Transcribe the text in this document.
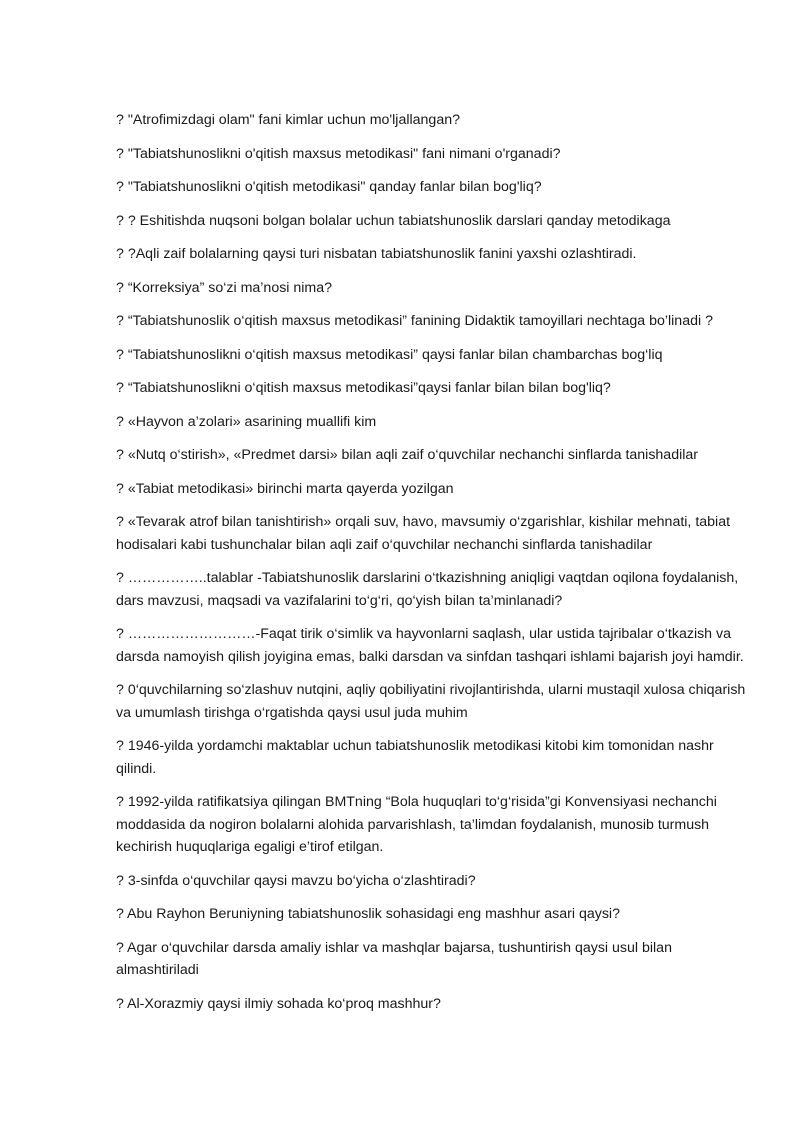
? "Atrofimizdagi olam" fani kimlar uchun mo'ljallangan?

? "Tabiatshunoslikni o'qitish maxsus metodikasi" fani nimani o'rganadi?

? "Tabiatshunoslikni o'qitish metodikasi" qanday fanlar bilan bog'liq?

? ? Eshitishda nuqsoni bolgan bolalar uchun tabiatshunoslik darslari qanday metodikaga

? ?Aqli zaif bolalarning qaysi turi nisbatan tabiatshunoslik fanini yaxshi ozlashtiradi.

? “Korreksiya” so‘zi ma’nosi nima?

? “Tabiatshunoslik o‘qitish maxsus metodikasi” fanining Didaktik tamoyillari nechtaga bo’linadi ?

? “Tabiatshunoslikni o‘qitish maxsus metodikasi” qaysi fanlar bilan chambarchas bog‘liq

? “Tabiatshunoslikni o‘qitish maxsus metodikasi”qaysi fanlar bilan bilan bog'liq?

? «Hayvon a’zolari» asarining muallifi kim

? «Nutq o‘stirish», «Predmet darsi» bilan aqli zaif o‘quvchilar nechanchi sinflarda tanishadilar

? «Tabiat metodikasi» birinchi marta qayerda yozilgan

? «Tevarak atrof bilan tanishtirish» orqali suv, havo, mavsumiy o‘zgarishlar, kishilar mehnati, tabiat hodisalari kabi tushunchalar bilan aqli zaif o‘quvchilar nechanchi sinflarda tanishadilar

? ……………..talablar -Tabiatshunoslik darslarini o‘tkazishning aniqligi vaqtdan oqilona foydalanish, dars mavzusi, maqsadi va vazifalarini to‘g‘ri, qo‘yish bilan ta’minlanadi?

? ………………………-Faqat tirik o‘simlik va hayvonlarni saqlash, ular ustida tajribalar o‘tkazish va darsda namoyish qilish joyigina emas, balki darsdan va sinfdan tashqari ishlami bajarish joyi hamdir.

? 0‘quvchilarning so‘zlashuv nutqini, aqliy qobiliyatini rivojlantirishda, ularni mustaqil xulosa chiqarish va umumlash tirishga o‘rgatishda qaysi usul juda muhim

? 1946-yilda yordamchi maktablar uchun tabiatshunoslik metodikasi kitobi kim tomonidan nashr qilindi.

? 1992-yilda ratifikatsiya qilingan BMTning “Bola huquqlari to‘g‘risida”gi Konvensiyasi nechanchi moddasida da nogiron bolalarni alohida parvarishlash, ta’limdan foydalanish, munosib turmush kechirish huquqlariga egaligi e’tirof etilgan.

? 3-sinfda o‘quvchilar qaysi mavzu bo‘yicha o‘zlashtiradi?

? Abu Rayhon Beruniyning tabiatshunoslik sohasidagi eng mashhur asari qaysi?

? Agar o‘quvchilar darsda amaliy ishlar va mashqlar bajarsa, tushuntirish qaysi usul bilan almashtiriladi

? Al-Xorazmiy qaysi ilmiy sohada ko‘proq mashhur?
